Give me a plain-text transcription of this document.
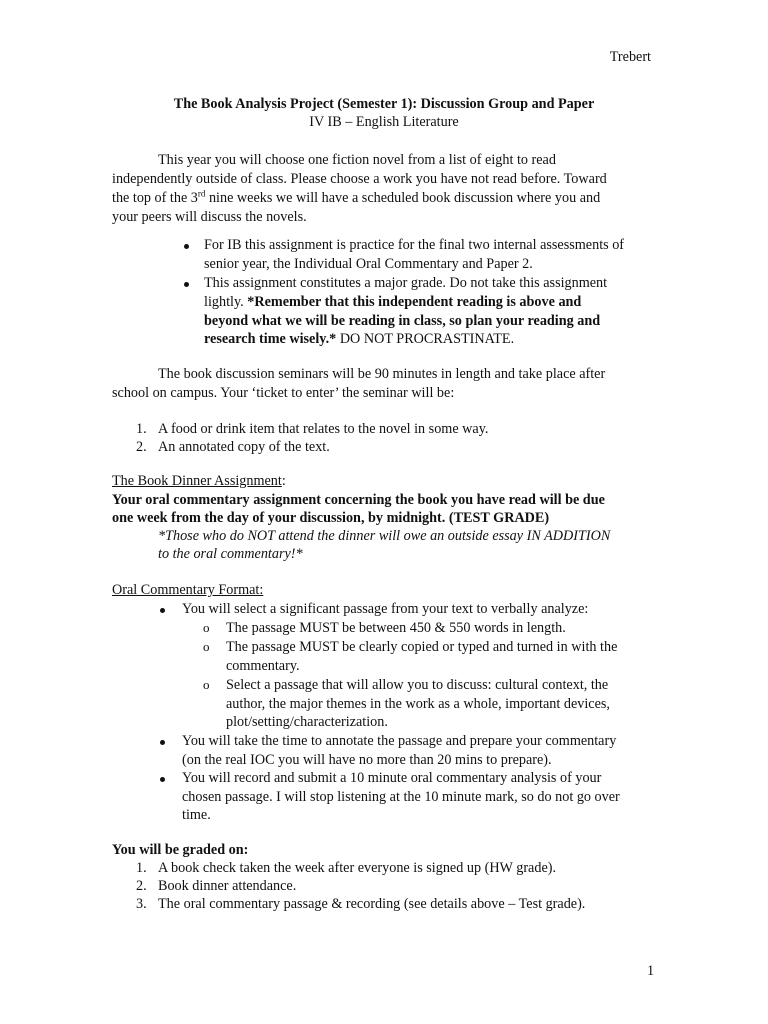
Trebert
The Book Analysis Project (Semester 1): Discussion Group and Paper
IV IB – English Literature
This year you will choose one fiction novel from a list of eight to read
independently outside of class. Please choose a work you have not read before. Toward
the top of the 3rd nine weeks we will have a scheduled book discussion where you and
your peers will discuss the novels.
For IB this assignment is practice for the final two internal assessments of
senior year, the Individual Oral Commentary and Paper 2.
This assignment constitutes a major grade. Do not take this assignment
lightly. *Remember that this independent reading is above and
beyond what we will be reading in class, so plan your reading and
research time wisely.* DO NOT PROCRASTINATE.
The book discussion seminars will be 90 minutes in length and take place after
school on campus. Your ‘ticket to enter’ the seminar will be:
1. A food or drink item that relates to the novel in some way.
2. An annotated copy of the text.
The Book Dinner Assignment:
Your oral commentary assignment concerning the book you have read will be due
one week from the day of your discussion, by midnight. (TEST GRADE)
*Those who do NOT attend the dinner will owe an outside essay IN ADDITION
to the oral commentary!*
Oral Commentary Format:
You will select a significant passage from your text to verbally analyze:
o The passage MUST be between 450 & 550 words in length.
o The passage MUST be clearly copied or typed and turned in with the
commentary.
o Select a passage that will allow you to discuss: cultural context, the
author, the major themes in the work as a whole, important devices,
plot/setting/characterization.
You will take the time to annotate the passage and prepare your commentary
(on the real IOC you will have no more than 20 mins to prepare).
You will record and submit a 10 minute oral commentary analysis of your
chosen passage. I will stop listening at the 10 minute mark, so do not go over
time.
You will be graded on:
1. A book check taken the week after everyone is signed up (HW grade).
2. Book dinner attendance.
3. The oral commentary passage & recording (see details above – Test grade).
1
